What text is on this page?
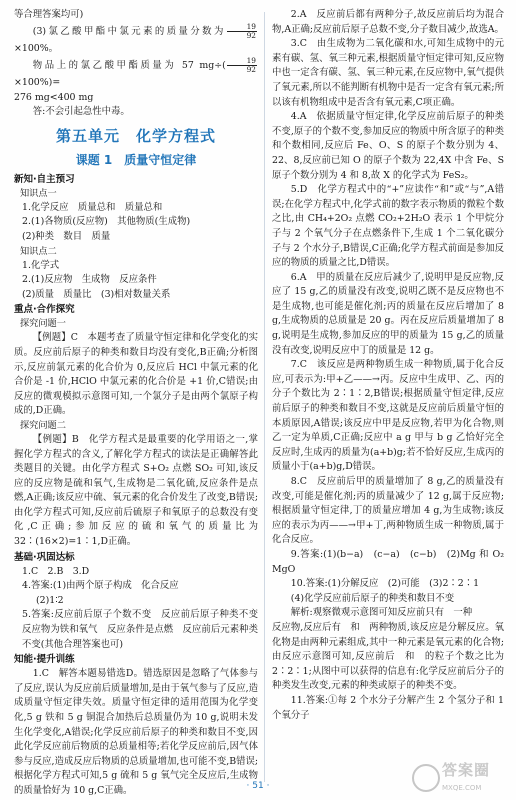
等合理答案均可)

(3)氯乙酸甲酯中氯元素的质量分数为 $\frac{19}{92}$
×100%。

物品上的氯乙酸甲酯质量为 57 $mg\div( \frac{19}{92}$
×100%)=

276 mg<400 mg

答:不会引起急性中毒。

第五单元　化学方程式
课题 1　质量守恒定律
新知·自主预习
知识点一

1.化学反应　质量总和　质量总和

2.(1)各物质(反应物)　其他物质(生成物)

(2)种类　数目　质量

知识点二

1.化学式

2.(1)反应物　生成物　反应条件

(2)质量　质量比　(3)相对数量关系

重点·合作探究
探究问题一

【例题】C　本题考查了质量守恒定律和化学变化的实质。反应前后原子的种类和数目均没有变化,B正确;分析图示,反应前氯元素的化合价为 0,反应后 HCl 中氯元素的化合价是 -1 价,HClO 中氯元素的化合价是 +1 价,C错误;由反应的微观模拟示意图可知,一个氯分子是由两个氯原子构成的,D正确。

探究问题二

【例题】B　化学方程式是最重要的化学用语之一,掌握化学方程式的含义,了解化学方程式的读法是正确解答此类题目的关键。由化学方程式 S+O₂ 点燃 SO₂ 可知,该反应的反应物是硫和氧气,生成物是二氧化硫,反应条件是点燃,A正确;该反应中硫、氧元素的化合价发生了改变,B错误;由化学方程式可知,反应前后硫原子和氧原子的总数没有变化,C正确;参加反应的硫和氧气的质量比为 32∶(16×2)=1∶1,D正确。

基础·巩固达标

1.C　2.B　3.D

4.答案:(1)由两个原子构成　化合反应

(2)1∶2

5.答案:反应前后原子个数不变　反应前后原子种类不变　反应物为铁和氧气　反应条件是点燃　反应前后元素种类不变(其他合理答案也可)

知能·提升训练

1.C　解答本题易错选D。错选原因是忽略了气体参与了反应,误认为反应前后质量增加,是由于氧气参与了反应,造成质量守恒定律失效。质量守恒定律的适用范围为化学变化,5 g 铁和 5 g 铜混合加热后总质量仍为 10 g,说明未发生化学变化,A错误;化学反应前后原子的种类和数目不变,因此化学反应前后物质的总质量相等;若化学反应前后,因气体参与反应,造成反应后物质的总质量增加,也可能不变,B错误;根据化学方程式可知,5 g 硫和 5 g 氧气完全反应后,生成物的质量恰好为 10 g,C正确。

2.A　反应前后都有两种分子,故反应前后均为混合物,A正确;反应前后原子总数不变,分子数目减少,故选A。

3.C　由生成物为二氧化碳和水,可知生成物中的元素有碳、氢、氧三种元素,根据质量守恒定律可知,反应物中也一定含有碳、氢、氧三种元素,在反应物中,氧气提供了氧元素,所以不能判断有机物中是否一定含有氧元素;所以该有机物组成中是否含有氧元素,C项正确。

4.A　依据质量守恒定律,化学反应前后原子的种类不变,原子的个数不变,参加反应的物质中所含原子的种类和个数相同,反应后 Fe、O、S 的原子个数分别为 4、22、8,反应前已知 O 的原子个数为 22,4X 中含 Fe、S 原子个数分别为 4 和 8,故 X 的化学式为 FeS₂。

5.D　化学方程式中的“+”应读作“和”或“与”,A错误;在化学方程式中,化学式前的数字表示物质的微粒个数之比,由 CH₄+2O₂ 点燃 CO₂+2H₂O 表示 1 个甲烷分子与 2 个氧气分子在点燃条件下,生成 1 个二氧化碳分子与 2 个水分子,B错误,C正确;化学方程式前面是参加反应的物质的质量之比,D错误。

6.A　甲的质量在反应后减少了,说明甲是反应物,反应了 15 g,乙的质量没有改变,说明乙既不是反应物也不是生成物,也可能是催化剂;丙的质量在反应后增加了 8 g,生成物质的总质量是 20 g。丙在反应后质量增加了 8 g,说明是生成物,参加反应的甲的质量为 15 g,乙的质量没有改变,说明反应中丁的质量是 12 g。

7.C　该反应是两种物质生成一种物质,属于化合反应,可表示为:甲+乙——→丙。反应中生成甲、乙、丙的分子个数比为 2∶1∶2,B错误;根据质量守恒定律,反应前后原子的种类和数目不变,这就是反应前后质量守恒的本质原因,A错误;该反应中甲是反应物,若甲为化合物,则乙一定为单质,C正确;反应中 a g 甲与 b g 乙恰好完全反应时,生成丙的质量为(a+b)g;若不恰好反应,生成丙的质量小于(a+b)g,D错误。

8.C　反应前后甲的质量增加了 8 g,乙的质量没有改变,可能是催化剂;丙的质量减少了 12 g,属于反应物;根据质量守恒定律,丁的质量应增加 4 g,为生成物;该反应的表示为丙——→甲+丁,两种物质生成一种物质,属于化合反应。

9.答案:(1)(b−a)　(c−a)　(c−b)　(2)Mg 和 O₂　MgO

10.答案:(1)分解反应　(2)可能　(3)2∶2∶1

(4)化学反应前后原子的种类和数目不变

解析:观察微观示意图可知反应前只有　一种

反应物,反应后有　和　两种物质,该反应是分解反应。氧化物是由两种元素组成,其中一种元素是氧元素的化合物;由反应示意图可知,反应前后　和　的粒子个数之比为 2∶2∶1;从图中可以获得的信息有:化学反应前后分子的种类发生改变,元素的种类或原子的种类不变。

11.答案:①每 2 个水分子分解产生 2 个氢分子和 1 个氧分子

· 51 ·
答案圈
MXQE.COM
